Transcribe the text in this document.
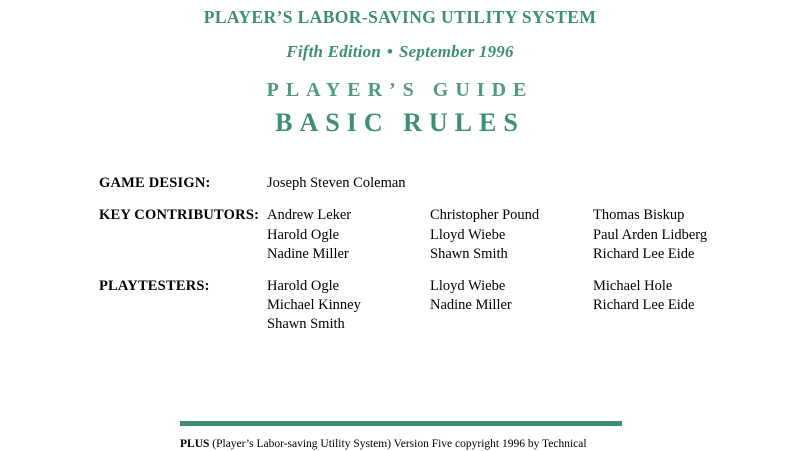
PLAYER’S LABOR-SAVING UTILITY SYSTEM
Fifth Edition • September 1996
PLAYER’S GUIDE
BASIC RULES
GAME DESIGN:	Joseph Steven Coleman
KEY CONTRIBUTORS: Andrew Leker
Harold Ogle
Nadine Miller
Christopher Pound
Lloyd Wiebe
Shawn Smith
Thomas Biskup
Paul Arden Lidberg
Richard Lee Eide
PLAYTESTERS:	Harold Ogle
Michael Kinney
Shawn Smith
Lloyd Wiebe
Nadine Miller
Michael Hole
Richard Lee Eide
PLUS (Player’s Labor-saving Utility System) Version Five copyright 1996 by Technical
